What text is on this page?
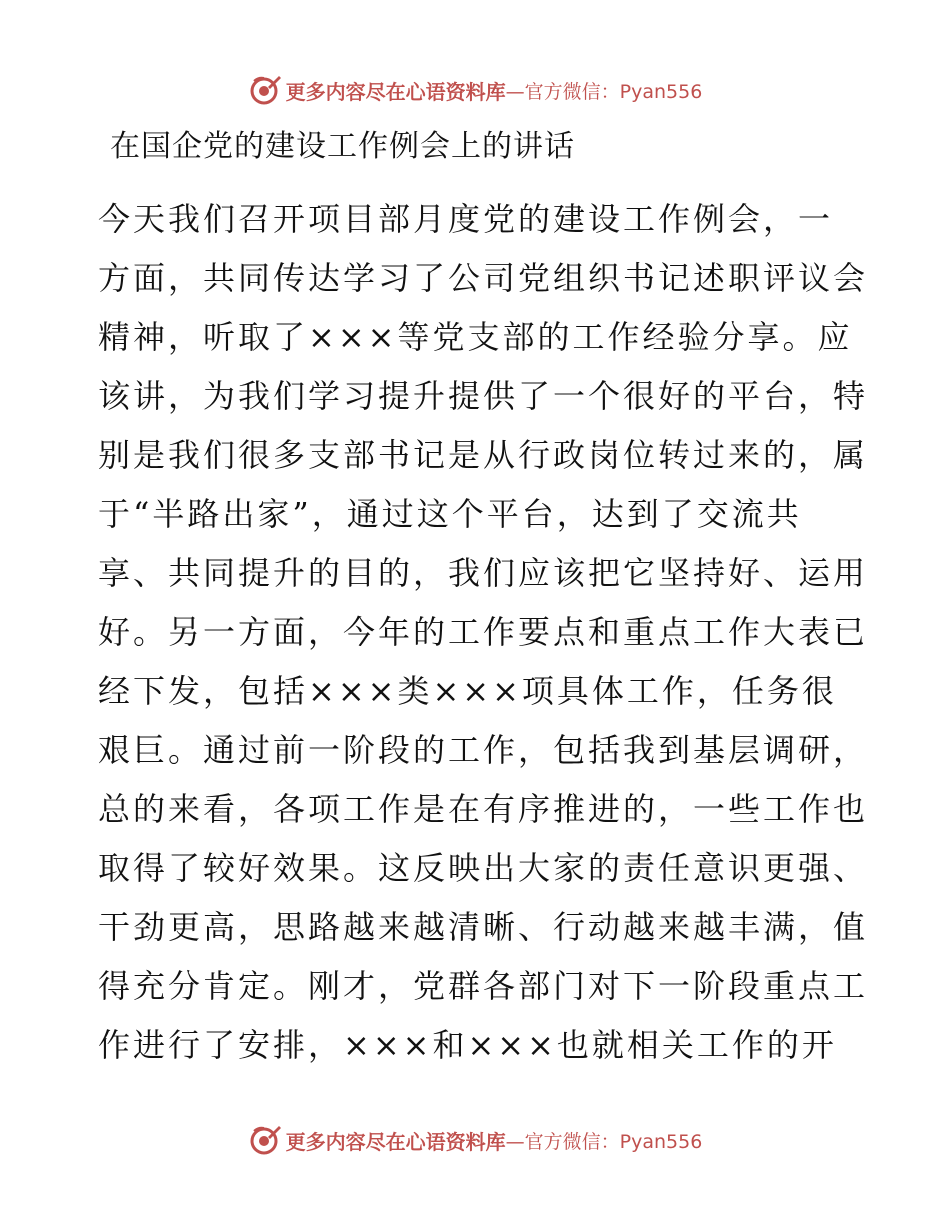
更多内容尽在心语资料库 —官方微信：Pyan556
在国企党的建设工作例会上的讲话
今天我们召开项目部月度党的建设工作例会，一
方面，共同传达学习了公司党组织书记述职评议会
精神，听取了×××等党支部的工作经验分享。应
该讲，为我们学习提升提供了一个很好的平台，特
别是我们很多支部书记是从行政岗位转过来的，属
于“半路出家”，通过这个平台，达到了交流共
享、共同提升的目的，我们应该把它坚持好、运用
好。另一方面，今年的工作要点和重点工作大表已
经下发，包括×××类×××项具体工作，任务很
艰巨。通过前一阶段的工作，包括我到基层调研，
总的来看，各项工作是在有序推进的，一些工作也
取得了较好效果。这反映出大家的责任意识更强、
干劲更高，思路越来越清晰、行动越来越丰满，值
得充分肯定。刚才，党群各部门对下一阶段重点工
作进行了安排，×××和×××也就相关工作的开
更多内容尽在心语资料库 —官方微信：Pyan556
